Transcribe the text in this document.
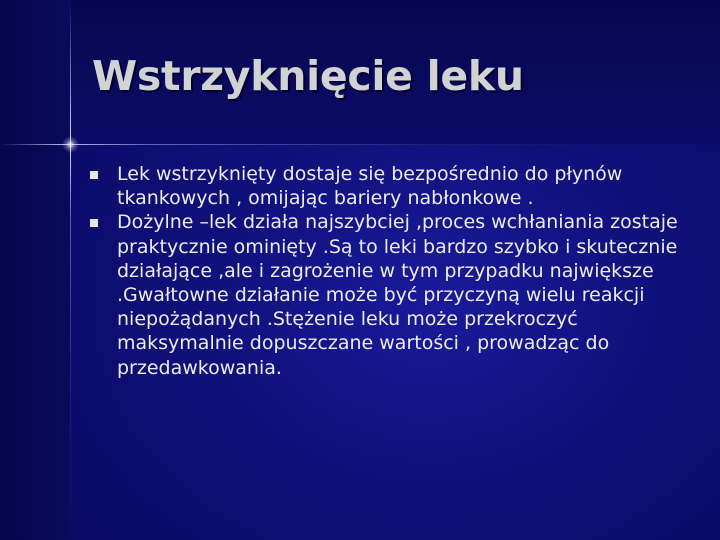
Wstrzyknięcie leku
Lek wstrzyknięty dostaje się bezpośrednio do płynów tkankowych , omijając bariery nabłonkowe .
Dożylne –lek działa najszybciej ,proces wchłaniania zostaje praktycznie ominięty .Są to leki bardzo szybko i skutecznie działające ,ale i zagrożenie w tym przypadku największe .Gwałtowne działanie może być przyczyną wielu reakcji niepożądanych .Stężenie leku może przekroczyć maksymalnie dopuszczane wartości , prowadząc do przedawkowania.
